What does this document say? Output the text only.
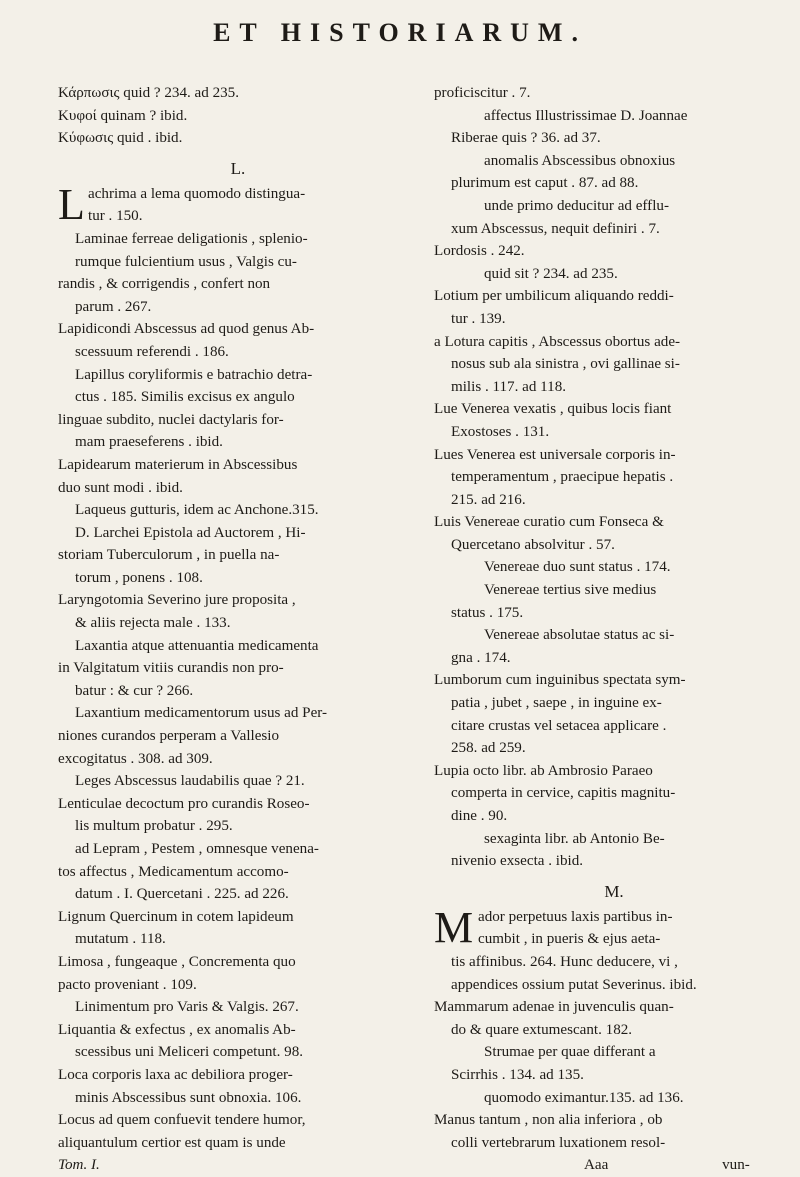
ET HISTORIARUM.
Κάρπωσις quid ? 234. ad 235.
Κυφοί quinam ? ibid.
Κύφωσις quid . ibid.
L.
L achrima a lema quomodo distingua-
tur . 150.
Laminae ferreae deligationis , splenio-
rumque fulcientium usus , Valgis cu-
randis , & corrigendis , confert non
parum . 267.
Lapidicondi Abscessus ad quod genus Ab-
scessuum referendi . 186.
Lapillus coryliformis e batrachio detra-
ctus . 185. Similis excisus ex angulo
linguae subdito, nuclei dactylaris for-
mam praeseferens . ibid.
Lapidearum materierum in Abscessibus
duo sunt modi . ibid.
Laqueus gutturis, idem ac Anchone.315.
D. Larchei Epistola ad Auctorem , Hi-
storiam Tuberculorum , in puella na-
torum , ponens . 108.
Laryngotomia Severino jure proposita ,
& aliis rejecta male . 133.
Laxantia atque attenuantia medicamenta
in Valgitatum vitiis curandis non pro-
batur : & cur ? 266.
Laxantium medicamentorum usus ad Per-
niones curandos perperam a Vallesio
excogitatus . 308. ad 309.
Leges Abscessus laudabilis quae ? 21.
Lenticulae decoctum pro curandis Roseo-
lis multum probatur . 295.
ad Lepram , Pestem , omnesque venena-
tos affectus , Medicamentum accomo-
datum . I. Quercetani . 225. ad 226.
Lignum Quercinum in cotem lapideum
mutatum . 118.
Limosa , fungeaque , Concrementa quo
pacto proveniant . 109.
Linimentum pro Varis & Valgis. 267.
Liquantia & exfectus , ex anomalis Ab-
scessibus uni Meliceri competunt. 98.
Loca corporis laxa ac debiliora proger-
minis Abscessibus sunt obnoxia. 106.
Locus ad quem confuevit tendere humor,
aliquantulum certior est quam is unde
Tom. I.
proficiscitur . 7.
affectus Illustrissimae D. Joannae
Riberae quis ? 36. ad 37.
anomalis Abscessibus obnoxius
plurimum est caput . 87. ad 88.
unde primo deducitur ad efflu-
xum Abscessus, nequit definiri . 7.
Lordosis . 242.
quid sit ? 234. ad 235.
Lotium per umbilicum aliquando reddi-
tur . 139.
a Lotura capitis , Abscessus obortus ade-
nosus sub ala sinistra , ovi gallinae si-
milis . 117. ad 118.
Lue Venerea vexatis , quibus locis fiant
Exostoses . 131.
Lues Venerea est universale corporis in-
temperamentum , praecipue hepatis .
215. ad 216.
Luis Venereae curatio cum Fonseca &
Quercetano absolvitur . 57.
Venereae duo sunt status . 174.
Venereae tertius sive medius
status . 175.
Venereae absolutae status ac si-
gna . 174.
Lumborum cum inguinibus spectata sym-
patia , jubet , saepe , in inguine ex-
citare crustas vel setacea applicare .
258. ad 259.
Lupia octo libr. ab Ambrosio Paraeo
comperta in cervice, capitis magnitu-
dine . 90.
sexaginta libr. ab Antonio Be-
nivenio exsecta . ibid.
M.
M ador perpetuus laxis partibus in-
cumbit , in pueris & ejus aeta-
tis affinibus. 264. Hunc deducere, vi ,
appendices ossium putat Severinus. ibid.
Mammarum adenae in juvenculis quan-
do & quare extumescant. 182.
Strumae per quae differant a
Scirrhis . 134. ad 135.
quomodo eximantur.135. ad 136.
Manus tantum , non alia inferiora , ob
colli vertebrarum luxationem resol-
Aaa	vun-
